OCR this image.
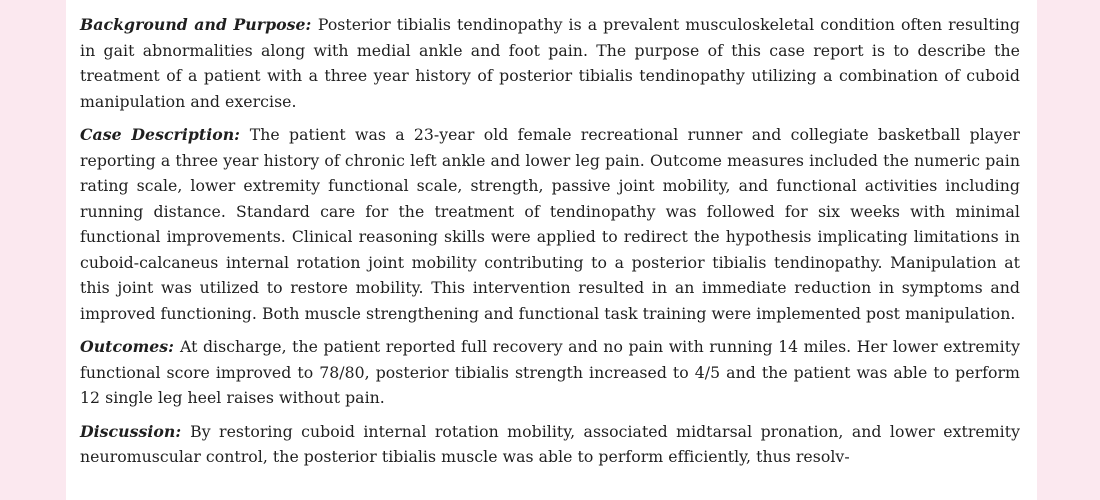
Background and Purpose: Posterior tibialis tendinopathy is a prevalent musculoskeletal condition often resulting in gait abnormalities along with medial ankle and foot pain. The purpose of this case report is to describe the treatment of a patient with a three year history of posterior tibialis tendinopathy utilizing a combination of cuboid manipulation and exercise.

Case Description: The patient was a 23-year old female recreational runner and collegiate basketball player reporting a three year history of chronic left ankle and lower leg pain. Outcome measures included the numeric pain rating scale, lower extremity functional scale, strength, passive joint mobility, and functional activities including running distance. Standard care for the treatment of tendinopathy was followed for six weeks with minimal functional improvements. Clinical reasoning skills were applied to redirect the hypothesis implicating limitations in cuboid-calcaneus internal rotation joint mobility contributing to a posterior tibialis tendinopathy. Manipulation at this joint was utilized to restore mobility. This intervention resulted in an immediate reduction in symptoms and improved functioning. Both muscle strengthening and functional task training were implemented post manipulation.

Outcomes: At discharge, the patient reported full recovery and no pain with running 14 miles. Her lower extremity functional score improved to 78/80, posterior tibialis strength increased to 4/5 and the patient was able to perform 12 single leg heel raises without pain.

Discussion: By restoring cuboid internal rotation mobility, associated midtarsal pronation, and lower extremity neuromuscular control, the posterior tibialis muscle was able to perform efficiently, thus resolv-
